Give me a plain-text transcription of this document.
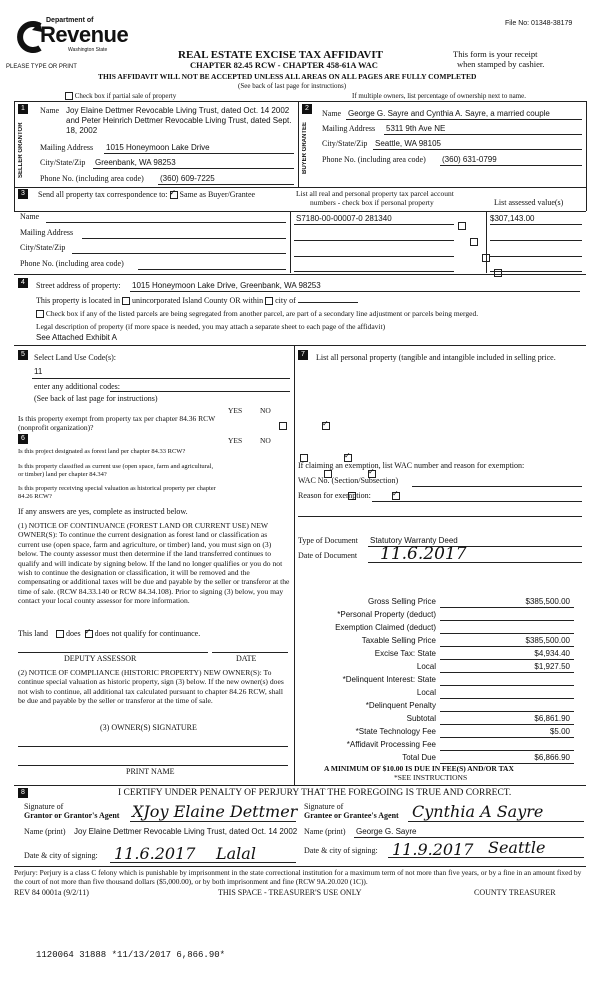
Department of
Revenue
Washington State
PLEASE TYPE OR PRINT
File No: 01348-38179
REAL ESTATE EXCISE TAX AFFIDAVIT
CHAPTER 82.45 RCW - CHAPTER 458-61A WAC
This form is your receipt
when stamped by cashier.
THIS AFFIDAVIT WILL NOT BE ACCEPTED UNLESS ALL AREAS ON ALL PAGES ARE FULLY COMPLETED
(See back of last page for instructions)
Check box if partial sale of property	If multiple owners, list percentage of ownership next to name.
1
SELLER GRANTOR
Name Joy Elaine Dettmer Revocable Living Trust, dated Oct. 14 2002 and Peter Heinrich Dettmer Revocable Living Trust, dated Sept. 18, 2002
Mailing Address 1015 Honeymoon Lake Drive
City/State/Zip Greenbank, WA 98253
Phone No. (including area code) (360) 609-7225
2
BUYER GRANTEE
Name George G. Sayre and Cynthia A. Sayre, a married couple
Mailing Address 5311 9th Ave NE
City/State/Zip Seattle, WA 98105
Phone No. (including area code) (360) 631-0799
3	Send all property tax correspondence to: ✓ Same as Buyer/Grantee	List all real and personal property tax parcel account
numbers - check box if personal property	List assessed value(s)
Name
Mailing Address
City/State/Zip
Phone No. (including area code)
S7180-00-00007-0 281340	$307,143.00

4	Street address of property: 1015 Honeymoon Lake Drive, Greenbank, WA 98253
This property is located in unincorporated Island County OR within city of
Check box if any of the listed parcels are being segregated from another parcel, are part of a secondary line adjustment or parcels being merged.
Legal description of property (if more space is needed, you may attach a separate sheet to each page of the affidavit)
See Attached Exhibit A
5	Select Land Use Code(s):
11
enter any additional codes:
(See back of last page for instructions)
YES NO
Is this property exempt from property tax per chapter 84.36 RCW (nonprofit organization)?
✓
6	YES NO
Is this project designated as forest land per chapter 84.33 RCW?
✓
Is this property classified as current use (open space, farm and agricultural, or timber) land per chapter 84.34?
✓
Is this property receiving special valuation as historical property per chapter 84.26 RCW?
✓
If any answers are yes, complete as instructed below.
(1) NOTICE OF CONTINUANCE (FOREST LAND OR CURRENT USE) NEW OWNER(S): To continue the current designation as forest land or classification as current use (open space, farm and agriculture, or timber) land, you must sign on (3) below. The county assessor must then determine if the land transferred continues to qualify and will indicate by signing below. If the land no longer qualifies or you do not wish to continue the designation or classification, it will be removed and the compensating or additional taxes will be due and payable by the seller or transferor at the time of sale. (RCW 84.33.140 or RCW 84.34.108). Prior to signing (3) below, you may contact your local county assessor for more information.
This land does ✓ does not qualify for continuance.
DEPUTY ASSESSOR	DATE
(2) NOTICE OF COMPLIANCE (HISTORIC PROPERTY) NEW OWNER(S): To continue special valuation as historic property, sign (3) below. If the new owner(s) does not wish to continue, all additional tax calculated pursuant to chapter 84.26 RCW, shall be due and payable by the seller or transferor at the time of sale.
(3) OWNER(S) SIGNATURE
PRINT NAME
7	List all personal property (tangible and intangible included in selling price.
If claiming an exemption, list WAC number and reason for exemption:
WAC No. (Section/Subsection)
Reason for exemption:
Type of Document Statutory Warranty Deed
Date of Document 11.6.2017
Gross Selling Price	$385,500.00
*Personal Property (deduct)
Exemption Claimed (deduct)
Taxable Selling Price	$385,500.00
Excise Tax: State	$4,934.40
Local	$1,927.50
*Delinquent Interest: State
Local
*Delinquent Penalty
Subtotal	$6,861.90
*State Technology Fee	$5.00
*Affidavit Processing Fee
Total Due	$6,866.90
A MINIMUM OF $10.00 IS DUE IN FEE(S) AND/OR TAX
*SEE INSTRUCTIONS
8	I CERTIFY UNDER PENALTY OF PERJURY THAT THE FOREGOING IS TRUE AND CORRECT.
Signature of
Grantor or Grantor's Agent XJoy Elaine Dettmer Signature of
Grantee or Grantee's Agent Cynthia A Sayre
Name (print) Joy Elaine Dettmer Revocable Living Trust, dated Oct. 14 2002 Name (print) George G. Sayre
Date & city of signing: 11.6.2017 Lalal	Date & city of signing: 11.9.2017 Seattle
Perjury: Perjury is a class C felony which is punishable by imprisonment in the state correctional institution for a maximum term of not more than five years, or by a fine in an amount fixed by the court of not more than five thousand dollars ($5,000.00), or by both imprisonment and fine (RCW 9A.20.020 (1C)).
REV 84 0001a (9/2/11)	THIS SPACE - TREASURER'S USE ONLY	COUNTY TREASURER
1120064 31888 *11/13/2017 6,866.90*
